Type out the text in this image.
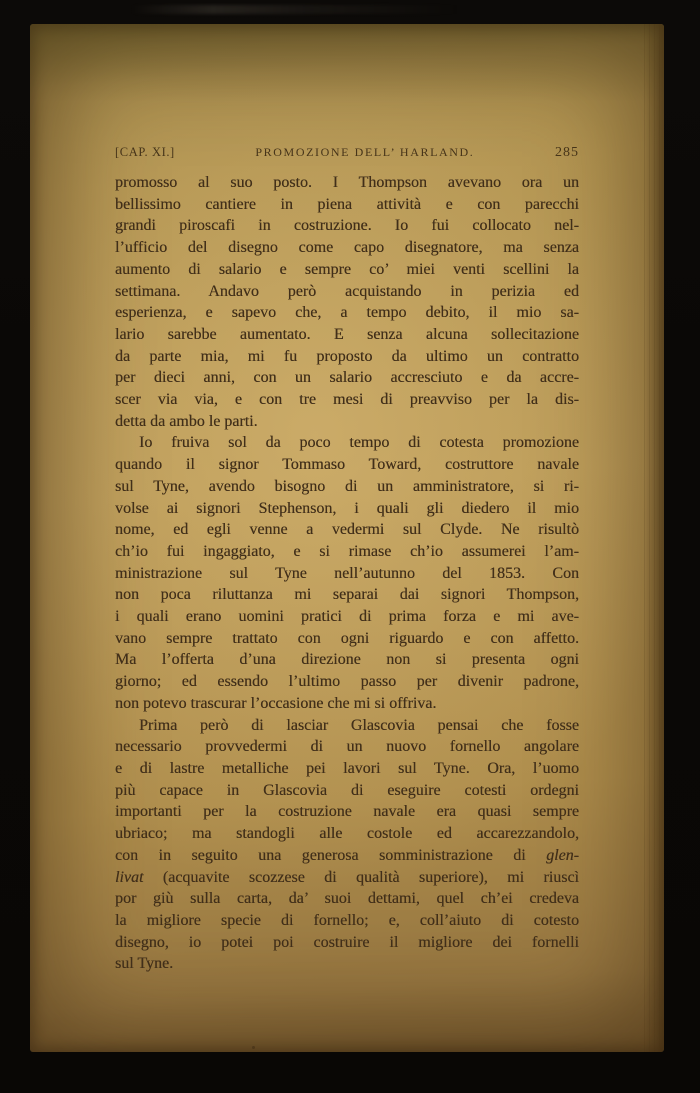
[CAP. XI.]	PROMOZIONE DELL’ HARLAND.	285
promosso al suo posto. I Thompson avevano ora un
bellissimo cantiere in piena attività e con parecchi
grandi piroscafi in costruzione. Io fui collocato nel-
l’ufficio del disegno come capo disegnatore, ma senza
aumento di salario e sempre co’ miei venti scellini la
settimana. Andavo però acquistando in perizia ed
esperienza, e sapevo che, a tempo debito, il mio sa-
lario sarebbe aumentato. E senza alcuna sollecitazione
da parte mia, mi fu proposto da ultimo un contratto
per dieci anni, con un salario accresciuto e da accre-
scer via via, e con tre mesi di preavviso per la dis-
detta da ambo le parti.
Io fruiva sol da poco tempo di cotesta promozione
quando il signor Tommaso Toward, costruttore navale
sul Tyne, avendo bisogno di un amministratore, si ri-
volse ai signori Stephenson, i quali gli diedero il mio
nome, ed egli venne a vedermi sul Clyde. Ne risultò
ch’io fui ingaggiato, e si rimase ch’io assumerei l’am-
ministrazione sul Tyne nell’autunno del 1853. Con
non poca riluttanza mi separai dai signori Thompson,
i quali erano uomini pratici di prima forza e mi ave-
vano sempre trattato con ogni riguardo e con affetto.
Ma l’offerta d’una direzione non si presenta ogni
giorno; ed essendo l’ultimo passo per divenir padrone,
non potevo trascurar l’occasione che mi si offriva.
Prima però di lasciar Glascovia pensai che fosse
necessario provvedermi di un nuovo fornello angolare
e di lastre metalliche pei lavori sul Tyne. Ora, l’uomo
più capace in Glascovia di eseguire cotesti ordegni
importanti per la costruzione navale era quasi sempre
ubriaco; ma standogli alle costole ed accarezzandolo,
con in seguito una generosa somministrazione di glen-
livat (acquavite scozzese di qualità superiore), mi riuscì
por giù sulla carta, da’ suoi dettami, quel ch’ei credeva
la migliore specie di fornello; e, coll’aiuto di cotesto
disegno, io potei poi costruire il migliore dei fornelli
sul Tyne.
